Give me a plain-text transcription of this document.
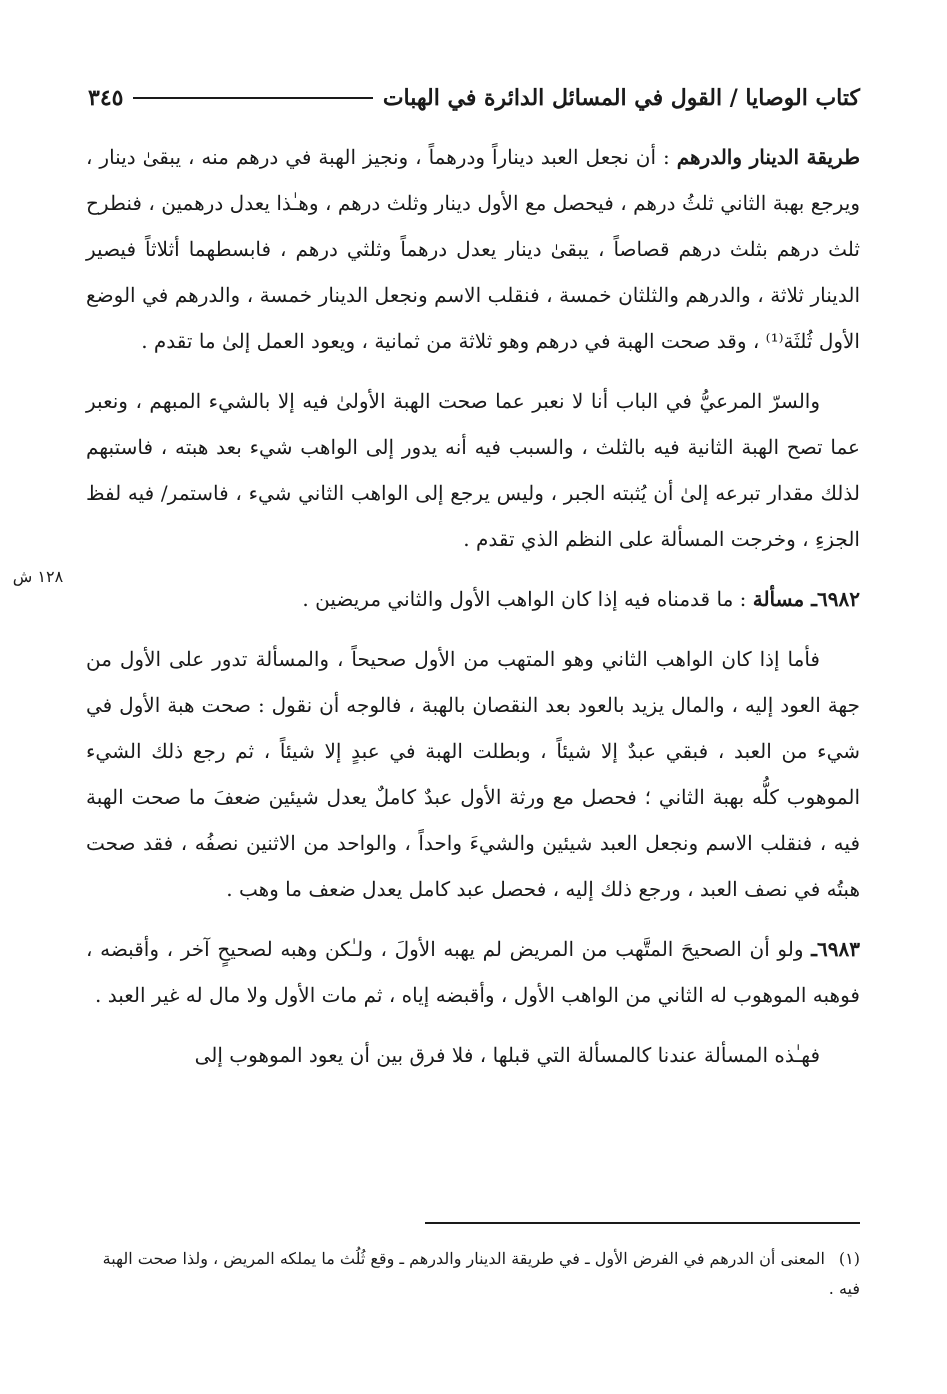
كتاب الوصايا / القول في المسائل الدائرة في الهبات
٣٤٥

طريقة الدينار والدرهم : أن نجعل العبد ديناراً ودرهماً ، ونجيز الهبة في درهم منه ، يبقىٰ دينار ، ويرجع بهبة الثاني ثلثُ درهم ، فيحصل مع الأول دينار وثلث درهم ، وهـٰذا يعدل درهمين ، فنطرح ثلث درهم بثلث درهم قصاصاً ، يبقىٰ دينار يعدل درهماً وثلثي درهم ، فابسطهما أثلاثاً فيصير الدينار ثلاثة ، والدرهم والثلثان خمسة ، فنقلب الاسم ونجعل الدينار خمسة ، والدرهم في الوضع الأول ثُلثَة⁽¹⁾ ، وقد صحت الهبة في درهم وهو ثلاثة من ثمانية ، ويعود العمل إلىٰ ما تقدم .

والسرّ المرعيُّ في الباب أنا لا نعبر عما صحت الهبة الأولىٰ فيه إلا بالشيء المبهم ، ونعبر عما تصح الهبة الثانية فيه بالثلث ، والسبب فيه أنه يدور إلى الواهب شيء بعد هبته ، فاستبهم لذلك مقدار تبرعه إلىٰ أن يُثبته الجبر ، وليس يرجع إلى الواهب الثاني شيء ، فاستمر/ فيه لفظ الجزءِ ، وخرجت المسألة على النظم الذي تقدم .

٦٩٨٢ـ مسألة : ما قدمناه فيه إذا كان الواهب الأول والثاني مريضين .

فأما إذا كان الواهب الثاني وهو المتهب من الأول صحيحاً ، والمسألة تدور على الأول من جهة العود إليه ، والمال يزيد بالعود بعد النقصان بالهبة ، فالوجه أن نقول : صحت هبة الأول في شيء من العبد ، فبقي عبدٌ إلا شيئاً ، وبطلت الهبة في عبدٍ إلا شيئاً ، ثم رجع ذلك الشيء الموهوب كلُّه بهبة الثاني ؛ فحصل مع ورثة الأول عبدٌ كاملٌ يعدل شيئين ضعفَ ما صحت الهبة فيه ، فنقلب الاسم ونجعل العبد شيئين والشيءَ واحداً ، والواحد من الاثنين نصفُه ، فقد صحت هبتُه في نصف العبد ، ورجع ذلك إليه ، فحصل عبد كامل يعدل ضعف ما وهب .

٦٩٨٣ـ ولو أن الصحيحَ المتَّهب من المريض لم يهبه الأولَ ، ولـٰكن وهبه لصحيحٍ آخر ، وأقبضه ، فوهبه الموهوب له الثاني من الواهب الأول ، وأقبضه إياه ، ثم مات الأول ولا مال له غير العبد .

فهـٰذه المسألة عندنا كالمسألة التي قبلها ، فلا فرق بين أن يعود الموهوب إلى

١٢٨ ش
(١)المعنى أن الدرهم في الفرض الأول ـ في طريقة الدينار والدرهم ـ وقع ثُلُث ما يملكه المريض ، ولذا صحت الهبة فيه .
